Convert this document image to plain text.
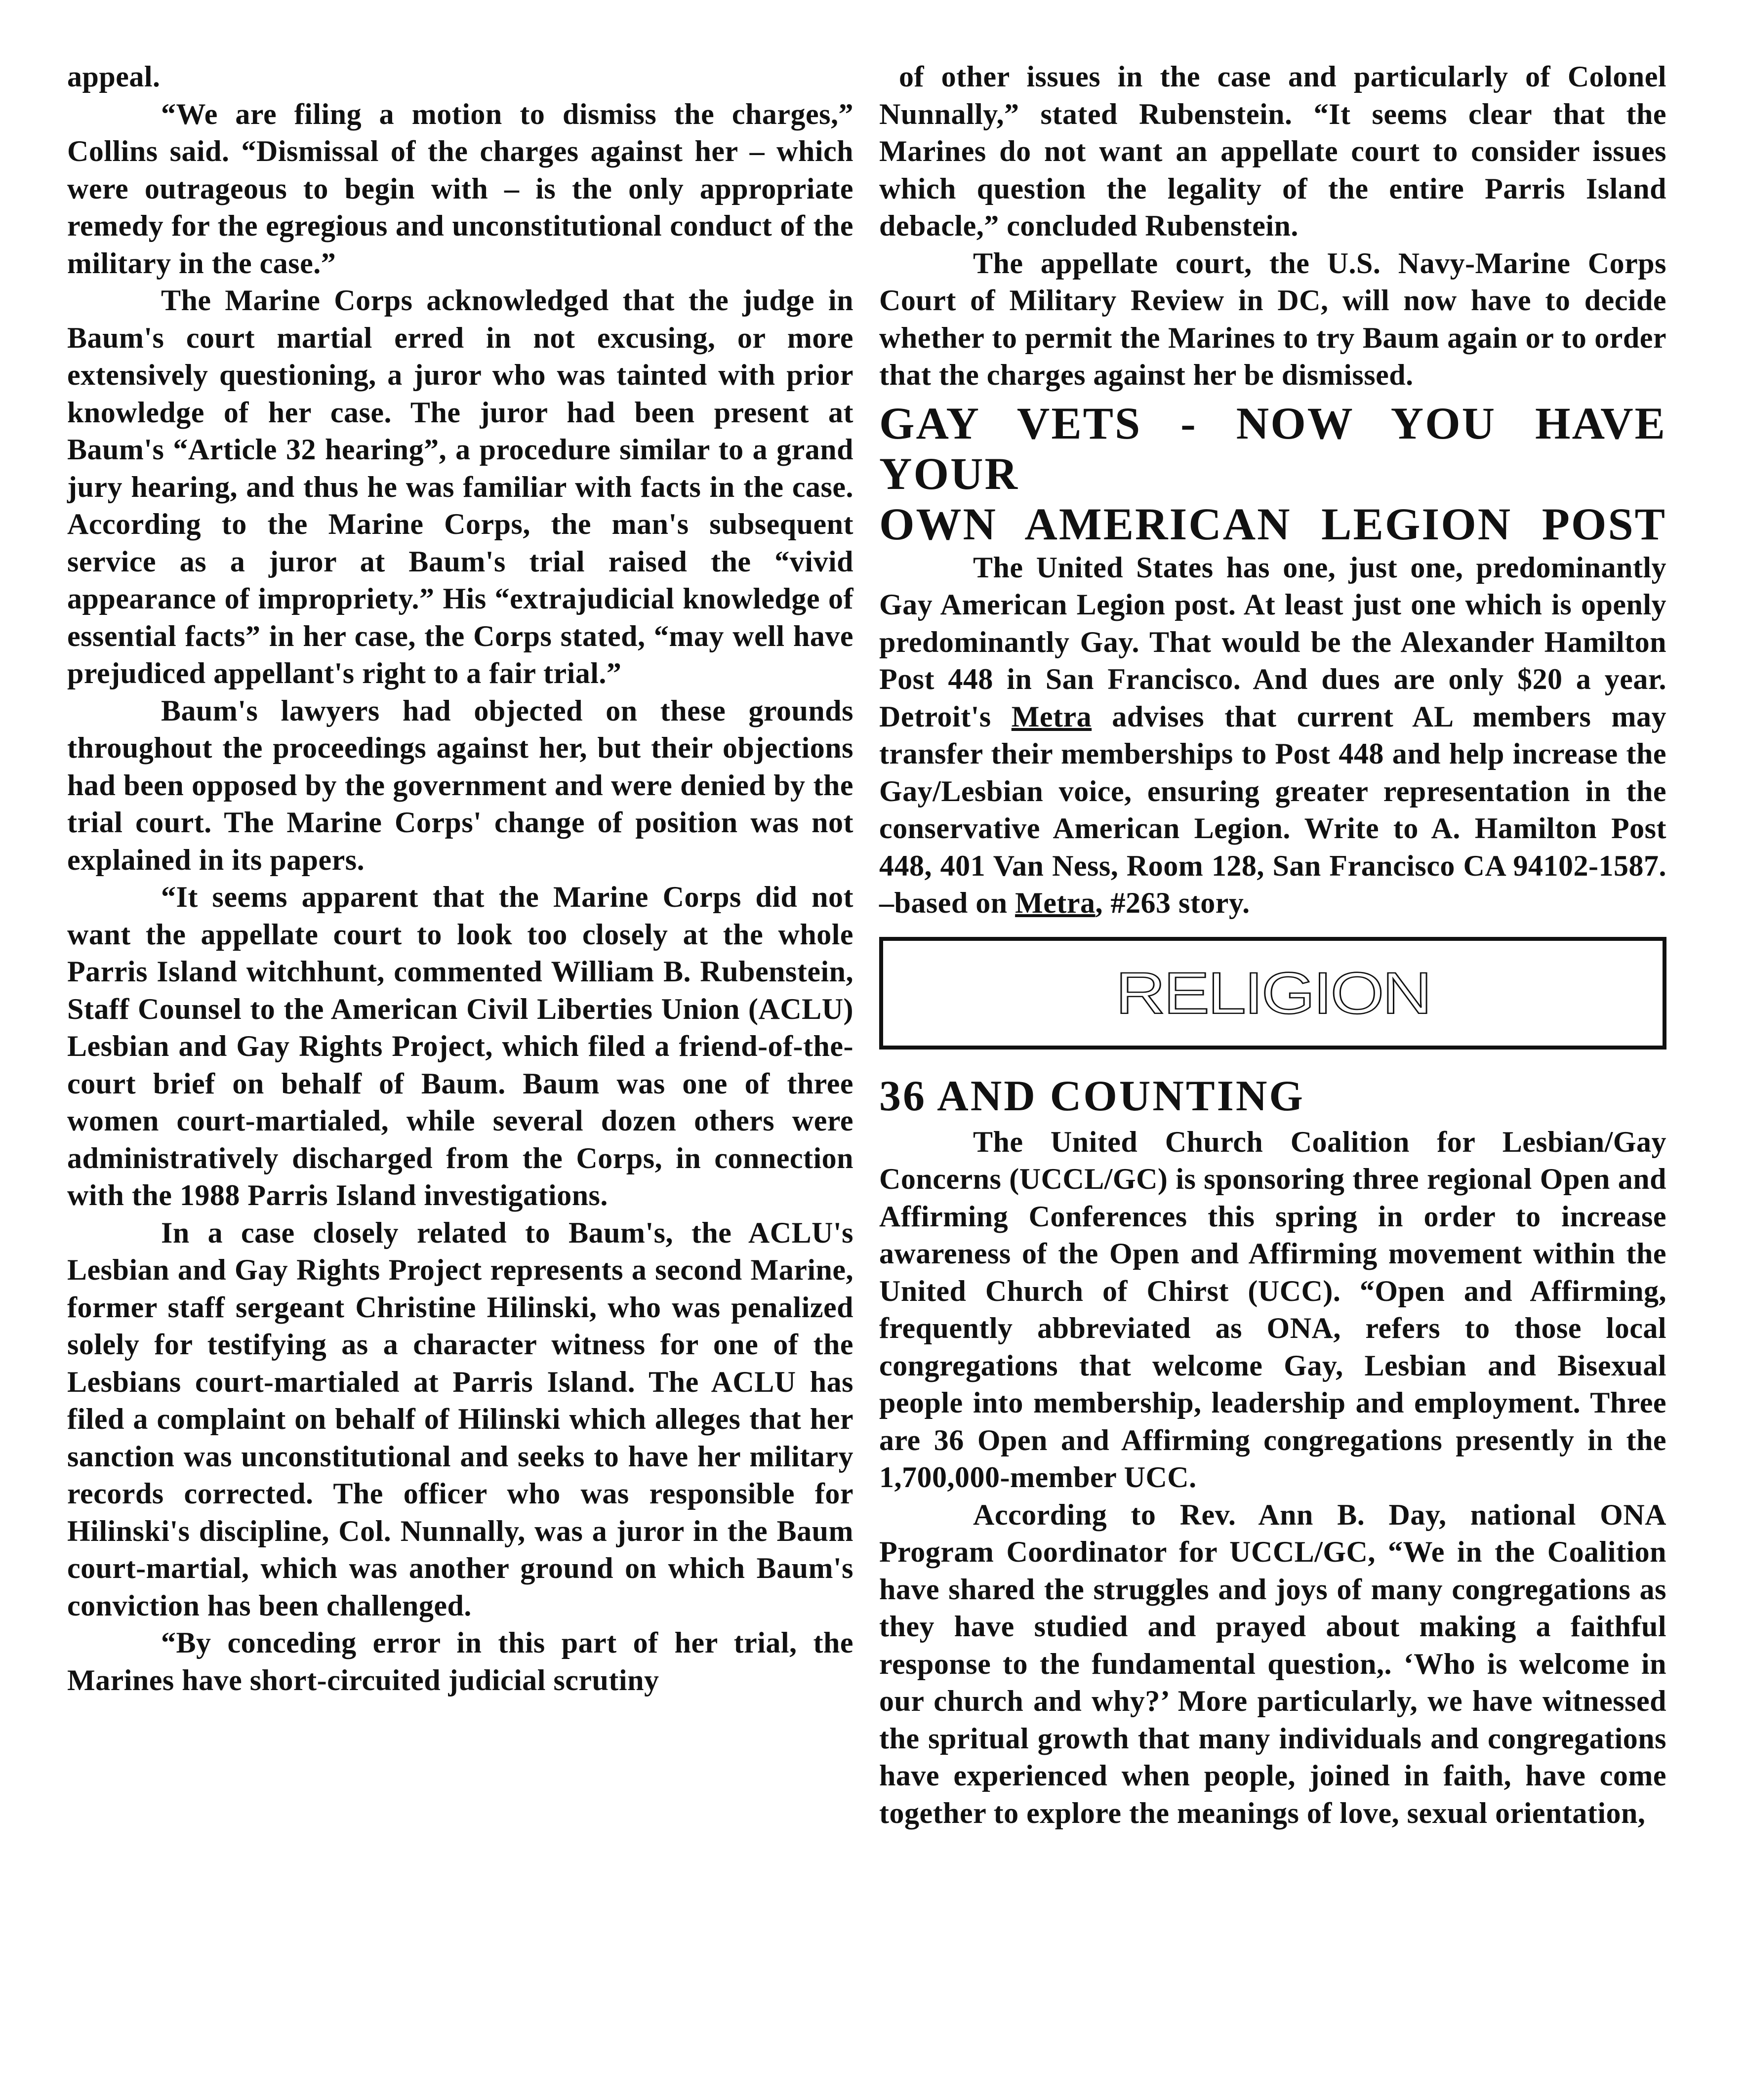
appeal.

“We are filing a motion to dismiss the charges,” Collins said. “Dismissal of the charges against her – which were outrageous to begin with – is the only appropriate remedy for the egregious and unconstitutional conduct of the military in the case.”

The Marine Corps acknowledged that the judge in Baum's court martial erred in not excusing, or more extensively questioning, a juror who was tainted with prior knowledge of her case. The juror had been present at Baum's “Article 32 hearing”, a procedure similar to a grand jury hearing, and thus he was familiar with facts in the case. According to the Marine Corps, the man's subsequent service as a juror at Baum's trial raised the “vivid appearance of impropriety.” His “extrajudicial knowledge of essential facts” in her case, the Corps stated, “may well have prejudiced appellant's right to a fair trial.”

Baum's lawyers had objected on these grounds throughout the proceedings against her, but their objections had been opposed by the government and were denied by the trial court. The Marine Corps' change of position was not explained in its papers.

“It seems apparent that the Marine Corps did not want the appellate court to look too closely at the whole Parris Island witchhunt, commented William B. Rubenstein, Staff Counsel to the American Civil Liberties Union (ACLU) Lesbian and Gay Rights Project, which filed a friend-of-the-court brief on behalf of Baum. Baum was one of three women court-martialed, while several dozen others were administratively discharged from the Corps, in connection with the 1988 Parris Island investigations.

In a case closely related to Baum's, the ACLU's Lesbian and Gay Rights Project represents a second Marine, former staff sergeant Christine Hilinski, who was penalized solely for testifying as a character witness for one of the Lesbians court-martialed at Parris Island. The ACLU has filed a complaint on behalf of Hilinski which alleges that her sanction was unconstitutional and seeks to have her military records corrected. The officer who was responsible for Hilinski's discipline, Col. Nunnally, was a juror in the Baum court-martial, which was another ground on which Baum's conviction has been challenged.

“By conceding error in this part of her trial, the Marines have short-circuited judicial scrutiny

of other issues in the case and particularly of Colonel Nunnally,” stated Rubenstein. “It seems clear that the Marines do not want an appellate court to consider issues which question the legality of the entire Parris Island debacle,” concluded Rubenstein.

The appellate court, the U.S. Navy-Marine Corps Court of Military Review in DC, will now have to decide whether to permit the Marines to try Baum again or to order that the charges against her be dismissed.

GAY VETS - NOW YOU HAVE YOUR
OWN AMERICAN LEGION POST

The United States has one, just one, predominantly Gay American Legion post. At least just one which is openly predominantly Gay. That would be the Alexander Hamilton Post 448 in San Francisco. And dues are only $20 a year. Detroit's Metra advises that current AL members may transfer their memberships to Post 448 and help increase the Gay/Lesbian voice, ensuring greater representation in the conservative American Legion. Write to A. Hamilton Post 448, 401 Van Ness, Room 128, San Francisco CA 94102-1587. –based on Metra, #263 story.

RELIGION
36 AND COUNTING

The United Church Coalition for Lesbian/Gay Concerns (UCCL/GC) is sponsoring three regional Open and Affirming Conferences this spring in order to increase awareness of the Open and Affirming movement within the United Church of Chirst (UCC). “Open and Affirming, frequently abbreviated as ONA, refers to those local congregations that welcome Gay, Lesbian and Bisexual people into membership, leadership and employment. Three are 36 Open and Affirming congregations presently in the 1,700,000-member UCC.

According to Rev. Ann B. Day, national ONA Program Coordinator for UCCL/GC, “We in the Coalition have shared the struggles and joys of many congregations as they have studied and prayed about making a faithful response to the fundamental question,. ‘Who is welcome in our church and why?’ More particularly, we have witnessed the spritual growth that many individuals and congregations have experienced when people, joined in faith, have come together to explore the meanings of love, sexual orientation,
